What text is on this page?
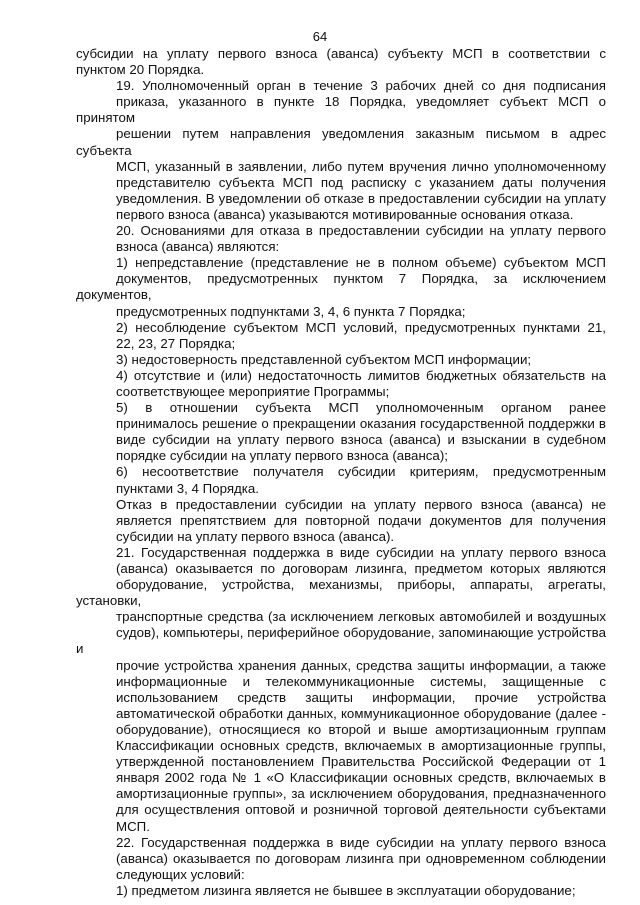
64
субсидии на уплату первого взноса (аванса) субъекту МСП в соответствии с
пунктом 20 Порядка.
19. Уполномоченный орган в течение 3 рабочих дней со дня подписания
приказа, указанного в пункте 18 Порядка, уведомляет субъект МСП о принятом
решении путем направления уведомления заказным письмом в адрес субъекта
МСП, указанный в заявлении, либо путем вручения лично уполномоченному
представителю субъекта МСП под расписку с указанием даты получения
уведомления. В уведомлении об отказе в предоставлении субсидии на уплату
первого взноса (аванса) указываются мотивированные основания отказа.
20. Основаниями для отказа в предоставлении субсидии на уплату первого
взноса (аванса) являются:
1) непредставление (представление не в полном объеме) субъектом МСП
документов, предусмотренных пунктом 7 Порядка, за исключением документов,
предусмотренных подпунктами 3, 4, 6 пункта 7 Порядка;
2) несоблюдение субъектом МСП условий, предусмотренных пунктами 21,
22, 23, 27 Порядка;
3) недостоверность представленной субъектом МСП информации;
4) отсутствие и (или) недостаточность лимитов бюджетных обязательств на
соответствующее мероприятие Программы;
5) в отношении субъекта МСП уполномоченным органом ранее
принималось решение о прекращении оказания государственной поддержки в
виде субсидии на уплату первого взноса (аванса) и взыскании в судебном
порядке субсидии на уплату первого взноса (аванса);
6) несоответствие получателя субсидии критериям, предусмотренным
пунктами 3, 4 Порядка.
Отказ в предоставлении субсидии на уплату первого взноса (аванса) не
является препятствием для повторной подачи документов для получения
субсидии на уплату первого взноса (аванса).
21. Государственная поддержка в виде субсидии на уплату первого взноса
(аванса) оказывается по договорам лизинга, предметом которых являются
оборудование, устройства, механизмы, приборы, аппараты, агрегаты, установки,
транспортные средства (за исключением легковых автомобилей и воздушных
судов), компьютеры, периферийное оборудование, запоминающие устройства и
прочие устройства хранения данных, средства защиты информации, а также
информационные и телекоммуникационные системы, защищенные с
использованием средств защиты информации, прочие устройства
автоматической обработки данных, коммуникационное оборудование (далее -
оборудование), относящиеся ко второй и выше амортизационным группам
Классификации основных средств, включаемых в амортизационные группы,
утвержденной постановлением Правительства Российской Федерации от 1
января 2002 года № 1 «О Классификации основных средств, включаемых в
амортизационные группы», за исключением оборудования, предназначенного
для осуществления оптовой и розничной торговой деятельности субъектами
МСП.
22. Государственная поддержка в виде субсидии на уплату первого взноса
(аванса) оказывается по договорам лизинга при одновременном соблюдении
следующих условий:
1) предметом лизинга является не бывшее в эксплуатации оборудование;
